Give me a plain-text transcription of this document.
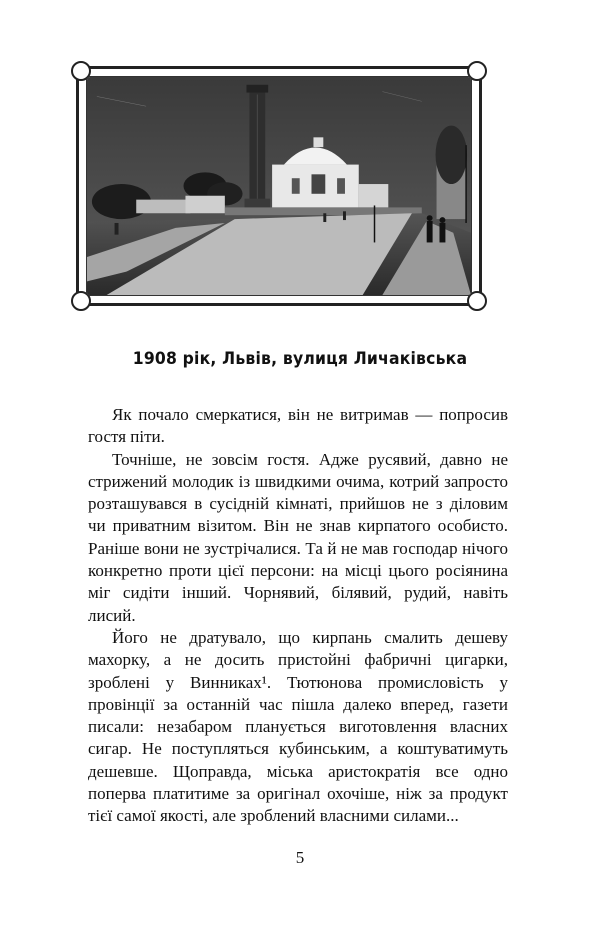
1908 рік, Львів, вулиця Личаківська

Як почало смеркатися, він не витримав — попросив гостя піти.

Точніше, не зовсім гостя. Адже русявий, давно не стрижений молодик із швидкими очима, котрий запросто розташувався в сусідній кімнаті, прийшов не з діловим чи приватним візитом. Він не знав кирпатого особисто. Раніше вони не зустрічалися. Та й не мав господар нічого конкретно проти цієї персони: на місці цього росіянина міг сидіти інший. Чорнявий, білявий, рудий, навіть лисий.

Його не дратувало, що кирпань смалить дешеву махорку, а не досить пристойні фабричні цигарки, зроблені у Винниках¹. Тютюнова промисловість у провінції за останній час пішла далеко вперед, газети писали: незабаром планується виготовлення власних сигар. Не поступляться кубинським, а коштуватимуть дешевше. Щоправда, міська аристократія все одно поперва платитиме за оригінал охочіше, ніж за продукт тієї самої якості, але зроблений власними силами...

5
